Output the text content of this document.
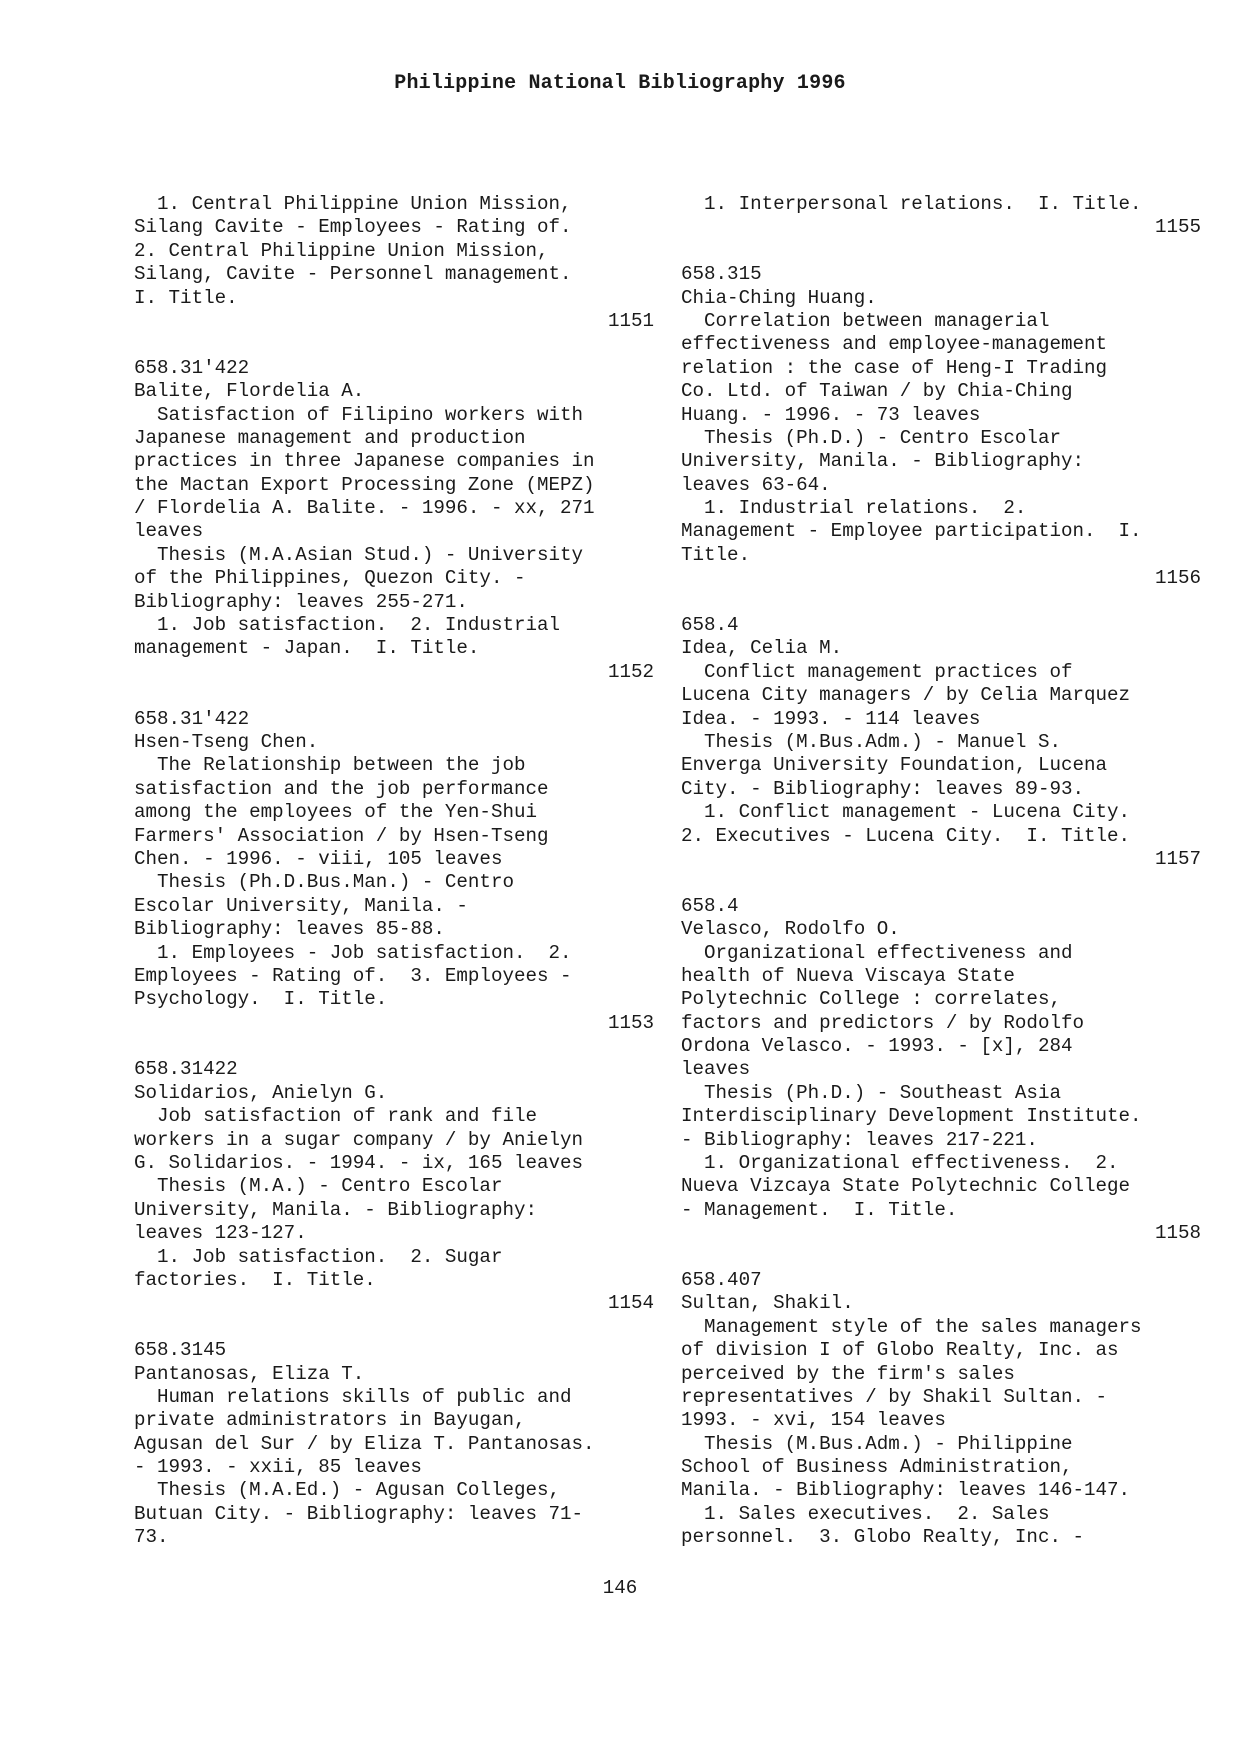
Philippine National Bibliography 1996
1. Central Philippine Union Mission,
Silang Cavite - Employees - Rating of.
2. Central Philippine Union Mission,
Silang, Cavite - Personnel management.
I. Title.
1151
658.31'422
Balite, Flordelia A.
Satisfaction of Filipino workers with
Japanese management and production
practices in three Japanese companies in
the Mactan Export Processing Zone (MEPZ)
/ Flordelia A. Balite. - 1996. - xx, 271
leaves
Thesis (M.A.Asian Stud.) - University
of the Philippines, Quezon City. -
Bibliography: leaves 255-271.
1. Job satisfaction.  2. Industrial
management - Japan.  I. Title.
1152
658.31'422
Hsen-Tseng Chen.
The Relationship between the job
satisfaction and the job performance
among the employees of the Yen-Shui
Farmers' Association / by Hsen-Tseng
Chen. - 1996. - viii, 105 leaves
Thesis (Ph.D.Bus.Man.) - Centro
Escolar University, Manila. -
Bibliography: leaves 85-88.
1. Employees - Job satisfaction.  2.
Employees - Rating of.  3. Employees -
Psychology.  I. Title.
1153
658.31422
Solidarios, Anielyn G.
Job satisfaction of rank and file
workers in a sugar company / by Anielyn
G. Solidarios. - 1994. - ix, 165 leaves
Thesis (M.A.) - Centro Escolar
University, Manila. - Bibliography:
leaves 123-127.
1. Job satisfaction.  2. Sugar
factories.  I. Title.
1154
658.3145
Pantanosas, Eliza T.
Human relations skills of public and
private administrators in Bayugan,
Agusan del Sur / by Eliza T. Pantanosas.
- 1993. - xxii, 85 leaves
Thesis (M.A.Ed.) - Agusan Colleges,
Butuan City. - Bibliography: leaves 71-
73.
1. Interpersonal relations.  I. Title.
1155
658.315
Chia-Ching Huang.
Correlation between managerial
effectiveness and employee-management
relation : the case of Heng-I Trading
Co. Ltd. of Taiwan / by Chia-Ching
Huang. - 1996. - 73 leaves
Thesis (Ph.D.) - Centro Escolar
University, Manila. - Bibliography:
leaves 63-64.
1. Industrial relations.  2.
Management - Employee participation.  I.
Title.
1156
658.4
Idea, Celia M.
Conflict management practices of
Lucena City managers / by Celia Marquez
Idea. - 1993. - 114 leaves
Thesis (M.Bus.Adm.) - Manuel S.
Enverga University Foundation, Lucena
City. - Bibliography: leaves 89-93.
1. Conflict management - Lucena City.
2. Executives - Lucena City.  I. Title.
1157
658.4
Velasco, Rodolfo O.
Organizational effectiveness and
health of Nueva Viscaya State
Polytechnic College : correlates,
factors and predictors / by Rodolfo
Ordona Velasco. - 1993. - [x], 284
leaves
Thesis (Ph.D.) - Southeast Asia
Interdisciplinary Development Institute.
- Bibliography: leaves 217-221.
1. Organizational effectiveness.  2.
Nueva Vizcaya State Polytechnic College
- Management.  I. Title.
1158
658.407
Sultan, Shakil.
Management style of the sales managers
of division I of Globo Realty, Inc. as
perceived by the firm's sales
representatives / by Shakil Sultan. -
1993. - xvi, 154 leaves
Thesis (M.Bus.Adm.) - Philippine
School of Business Administration,
Manila. - Bibliography: leaves 146-147.
1. Sales executives.  2. Sales
personnel.  3. Globo Realty, Inc. -
146
